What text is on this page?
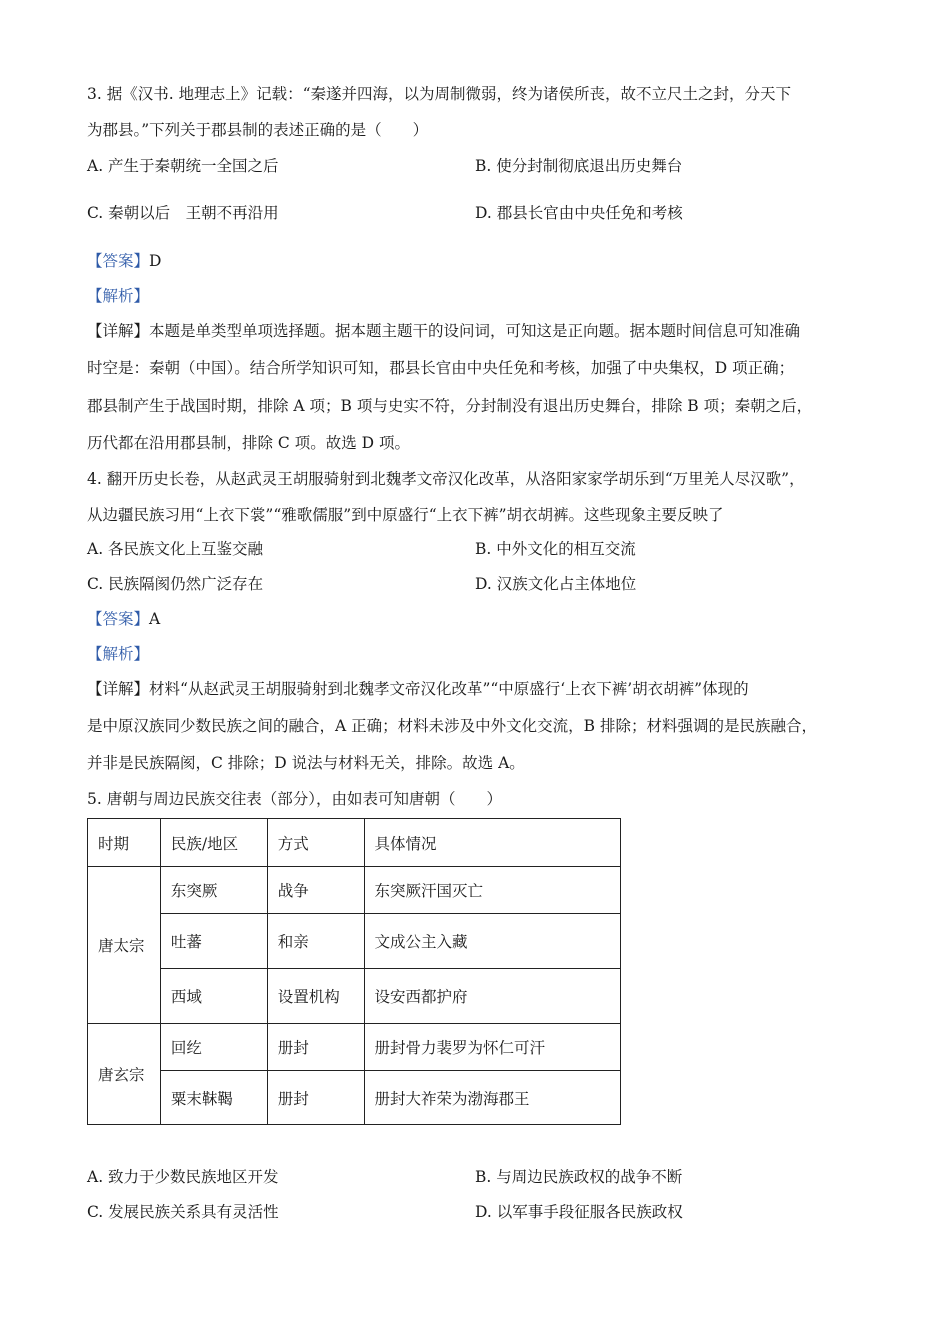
3. 据《汉书. 地理志上》记载：“秦遂并四海，以为周制微弱，终为诸侯所丧，故不立尺土之封，分天下
为郡县。”下列关于郡县制的表述正确的是（　　）
A. 产生于秦朝统一全国之后	B. 使分封制彻底退出历史舞台
C. 秦朝以后　王朝不再沿用	D. 郡县长官由中央任免和考核
【答案】D
【解析】
【详解】本题是单类型单项选择题。据本题主题干的设问词，可知这是正向题。据本题时间信息可知准确
时空是：秦朝（中国）。结合所学知识可知，郡县长官由中央任免和考核，加强了中央集权，D 项正确；
郡县制产生于战国时期，排除 A 项；B 项与史实不符，分封制没有退出历史舞台，排除 B 项；秦朝之后，
历代都在沿用郡县制，排除 C 项。故选 D 项。
4. 翻开历史长卷，从赵武灵王胡服骑射到北魏孝文帝汉化改革，从洛阳家家学胡乐到“万里羌人尽汉歌”，
从边疆民族习用“上衣下裳”“雅歌儒服”到中原盛行“上衣下裤”胡衣胡裤。这些现象主要反映了
A. 各民族文化上互鉴交融	B. 中外文化的相互交流
C. 民族隔阂仍然广泛存在	D. 汉族文化占主体地位
【答案】A
【解析】
【详解】材料“从赵武灵王胡服骑射到北魏孝文帝汉化改革”“中原盛行‘上衣下裤’胡衣胡裤”体现的
是中原汉族同少数民族之间的融合，A 正确；材料未涉及中外文化交流，B 排除；材料强调的是民族融合，
并非是民族隔阂，C 排除；D 说法与材料无关，排除。故选 A。
5. 唐朝与周边民族交往表（部分），由如表可知唐朝（　　）
时期	民族/地区	方式	具体情况
唐太宗	东突厥	战争	东突厥汗国灭亡
	吐蕃	和亲	文成公主入藏
	西域	设置机构	设安西都护府
唐玄宗	回纥	册封	册封骨力裴罗为怀仁可汗
	粟末靺鞨	册封	册封大祚荣为渤海郡王
A. 致力于少数民族地区开发	B. 与周边民族政权的战争不断
C. 发展民族关系具有灵活性	D. 以军事手段征服各民族政权
